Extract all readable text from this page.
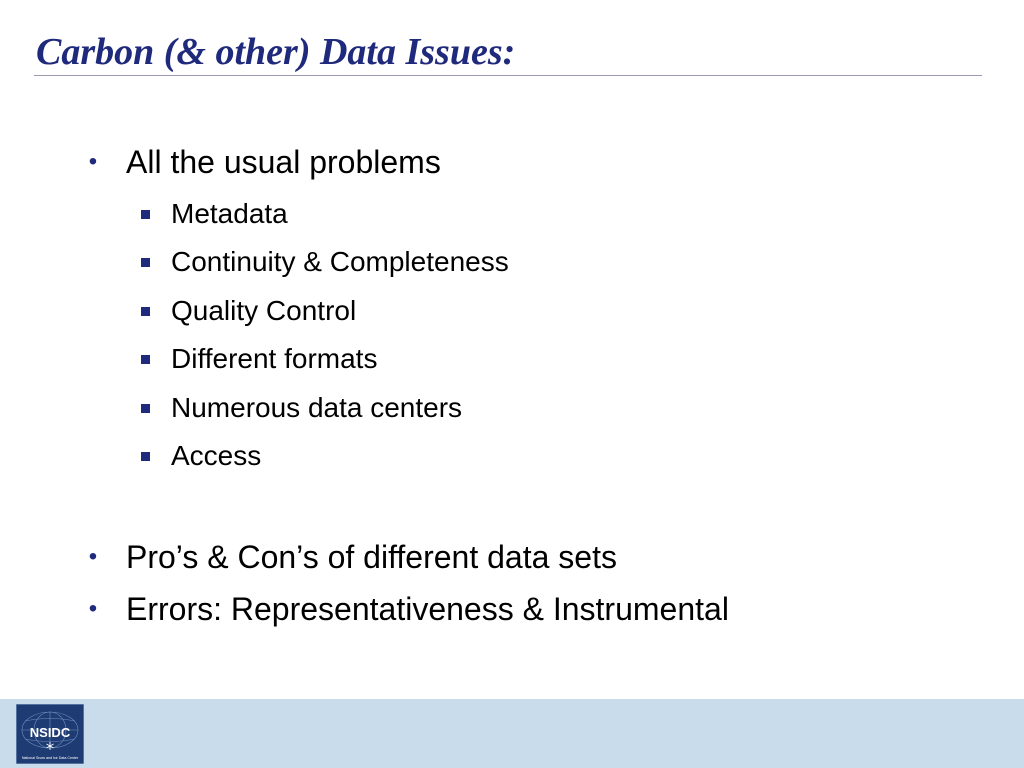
Carbon (& other) Data Issues:
• All the usual problems
Metadata
Continuity & Completeness
Quality Control
Different formats
Numerous data centers
Access
• Pro’s & Con’s of different data sets
• Errors: Representativeness & Instrumental
NSIDC
National Snow and Ice Data Center
